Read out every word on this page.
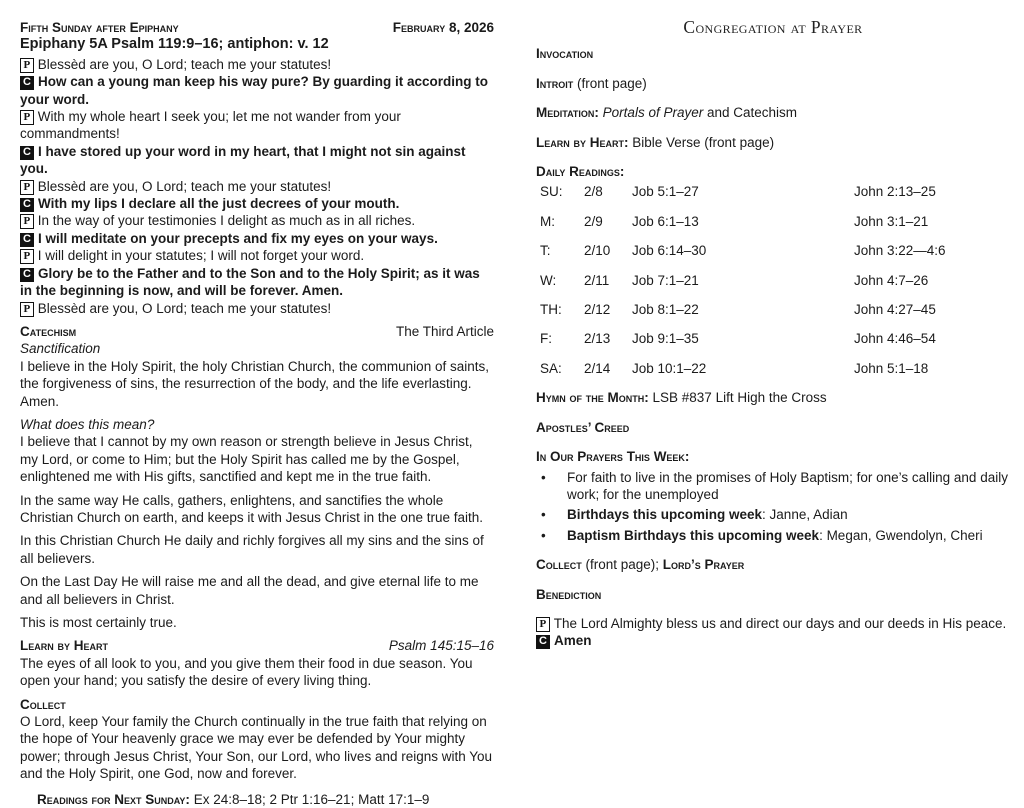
Fifth Sunday after Epiphany	February 8, 2026
Epiphany 5A Psalm 119:9–16; antiphon: v. 12

P Blessèd are you, O Lord; teach me your statutes!

C How can a young man keep his way pure? By guarding it according to your word.

P With my whole heart I seek you; let me not wander from your commandments!

C I have stored up your word in my heart, that I might not sin against you.

P Blessèd are you, O Lord; teach me your statutes!

C With my lips I declare all the just decrees of your mouth.

P In the way of your testimonies I delight as much as in all riches.

C I will meditate on your precepts and fix my eyes on your ways.

P I will delight in your statutes; I will not forget your word.

C Glory be to the Father and to the Son and to the Holy Spirit; as it was in the beginning is now, and will be forever. Amen.

P Blessèd are you, O Lord; teach me your statutes!

Catechism	The Third Article
Sanctification

I believe in the Holy Spirit, the holy Christian Church, the communion of saints, the forgiveness of sins, the resurrection of the body, and the life everlasting. Amen.

What does this mean?

I believe that I cannot by my own reason or strength believe in Jesus Christ, my Lord, or come to Him; but the Holy Spirit has called me by the Gospel, enlightened me with His gifts, sanctified and kept me in the true faith.

In the same way He calls, gathers, enlightens, and sanctifies the whole Christian Church on earth, and keeps it with Jesus Christ in the one true faith.

In this Christian Church He daily and richly forgives all my sins and the sins of all believers.

On the Last Day He will raise me and all the dead, and give eternal life to me and all believers in Christ.

This is most certainly true.

Learn by Heart	Psalm 145:15–16

The eyes of all look to you, and you give them their food in due season. You open your hand; you satisfy the desire of every living thing.

Collect

O Lord, keep Your family the Church continually in the true faith that relying on the hope of Your heavenly grace we may ever be defended by Your mighty power; through Jesus Christ, Your Son, our Lord, who lives and reigns with You and the Holy Spirit, one God, now and forever.

Readings for Next Sunday: Ex 24:8–18; 2 Ptr 1:16–21; Matt 17:1–9
Congregation at Prayer
Invocation
Introit (front page)
Meditation: Portals of Prayer and Catechism
Learn by Heart: Bible Verse (front page)
Daily Readings:
SU:	2/8	Job 5:1–27	John 2:13–25
M:	2/9	Job 6:1–13	John 3:1–21
T:	2/10	Job 6:14–30	John 3:22—4:6
W:	2/11	Job 7:1–21	John 4:7–26
TH:	2/12	Job 8:1–22	John 4:27–45
F:	2/13	Job 9:1–35	John 4:46–54
SA:	2/14	Job 10:1–22	John 5:1–18
Hymn of the Month: LSB #837 Lift High the Cross
Apostles’ Creed
In Our Prayers This Week:
•	For faith to live in the promises of Holy Baptism; for one’s calling and daily work; for the unemployed
•	Birthdays this upcoming week: Janne, Adian
•	Baptism Birthdays this upcoming week: Megan, Gwendolyn, Cheri
Collect (front page); Lord’s Prayer
Benediction

P The Lord Almighty bless us and direct our days and our deeds in His peace.

C Amen
